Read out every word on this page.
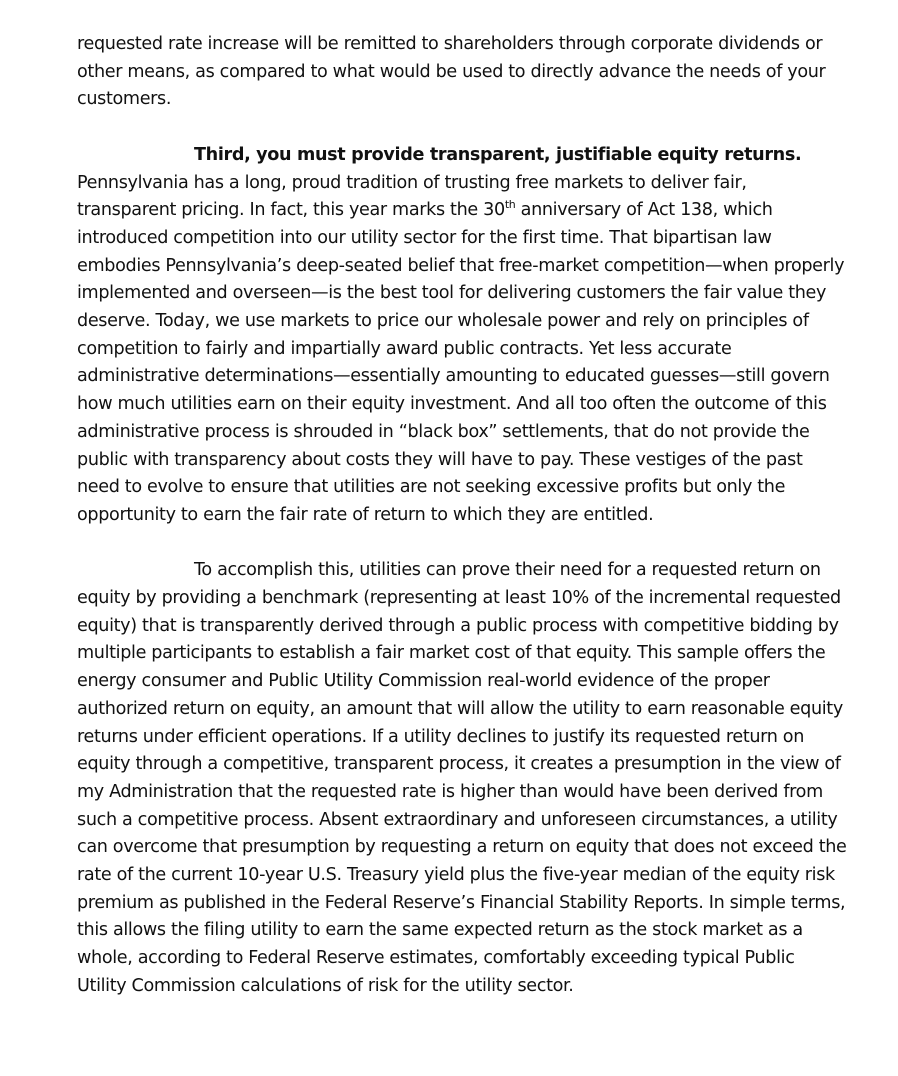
requested rate increase will be remitted to shareholders through corporate dividends or other means, as compared to what would be used to directly advance the needs of your customers.

Third, you must provide transparent, justifiable equity returns. Pennsylvania has a long, proud tradition of trusting free markets to deliver fair, transparent pricing. In fact, this year marks the 30th anniversary of Act 138, which introduced competition into our utility sector for the first time. That bipartisan law embodies Pennsylvania’s deep-seated belief that free-market competition—when properly implemented and overseen—is the best tool for delivering customers the fair value they deserve. Today, we use markets to price our wholesale power and rely on principles of competition to fairly and impartially award public contracts. Yet less accurate administrative determinations—essentially amounting to educated guesses—still govern how much utilities earn on their equity investment. And all too often the outcome of this administrative process is shrouded in “black box” settlements, that do not provide the public with transparency about costs they will have to pay. These vestiges of the past need to evolve to ensure that utilities are not seeking excessive profits but only the opportunity to earn the fair rate of return to which they are entitled.

To accomplish this, utilities can prove their need for a requested return on equity by providing a benchmark (representing at least 10% of the incremental requested equity) that is transparently derived through a public process with competitive bidding by multiple participants to establish a fair market cost of that equity. This sample offers the energy consumer and Public Utility Commission real-world evidence of the proper authorized return on equity, an amount that will allow the utility to earn reasonable equity returns under efficient operations. If a utility declines to justify its requested return on equity through a competitive, transparent process, it creates a presumption in the view of my Administration that the requested rate is higher than would have been derived from such a competitive process. Absent extraordinary and unforeseen circumstances, a utility can overcome that presumption by requesting a return on equity that does not exceed the rate of the current 10-year U.S. Treasury yield plus the five-year median of the equity risk premium as published in the Federal Reserve’s Financial Stability Reports. In simple terms, this allows the filing utility to earn the same expected return as the stock market as a whole, according to Federal Reserve estimates, comfortably exceeding typical Public Utility Commission calculations of risk for the utility sector.
